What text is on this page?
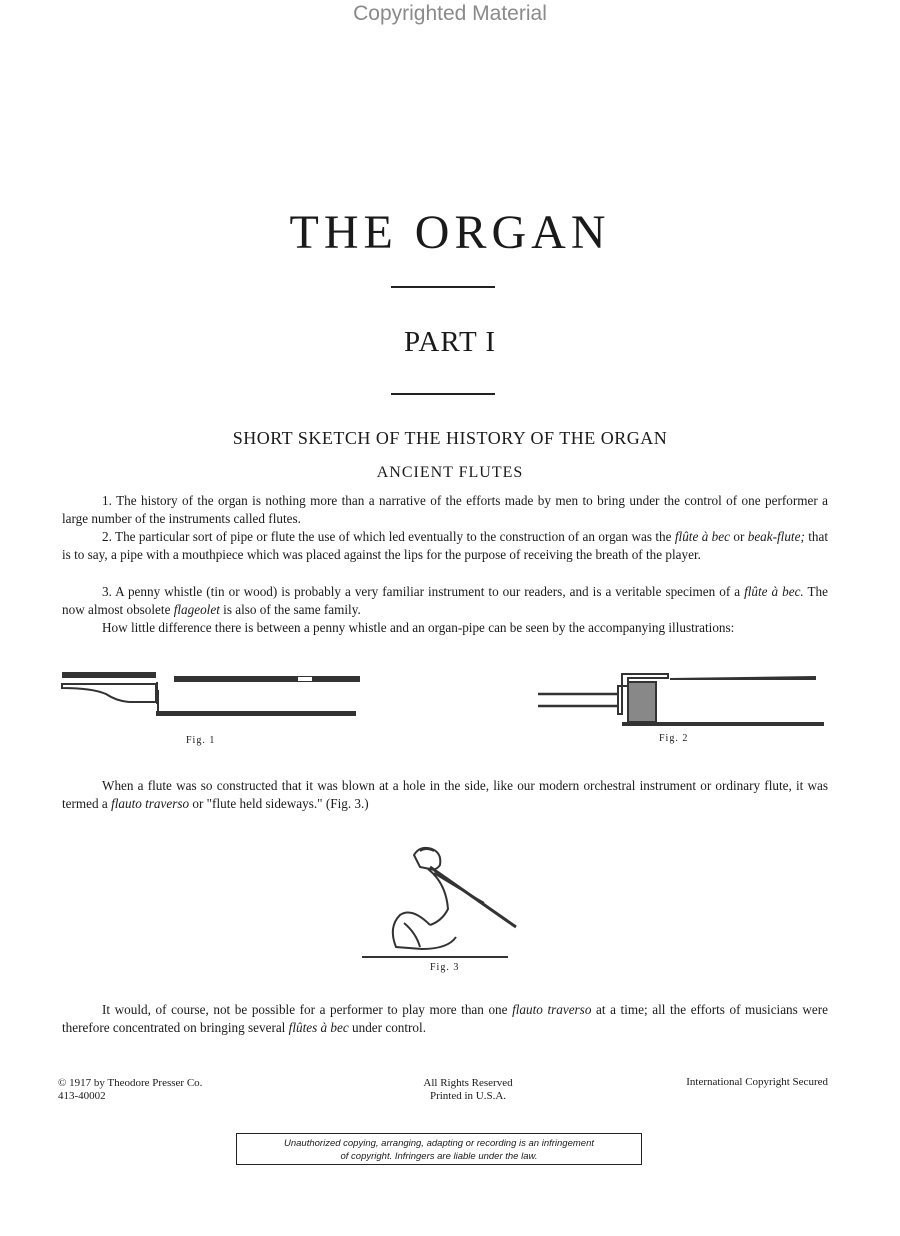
Copyrighted Material
THE ORGAN
PART I
SHORT SKETCH OF THE HISTORY OF THE ORGAN
ANCIENT FLUTES

1. The history of the organ is nothing more than a narrative of the efforts made by men to bring under the control of one performer a large number of the instruments called flutes.

2. The particular sort of pipe or flute the use of which led eventually to the construction of an organ was the flûte à bec or beak-flute; that is to say, a pipe with a mouthpiece which was placed against the lips for the purpose of receiving the breath of the player.

3. A penny whistle (tin or wood) is probably a very familiar instrument to our readers, and is a veritable specimen of a flûte à bec. The now almost obsolete flageolet is also of the same family.

How little difference there is between a penny whistle and an organ-pipe can be seen by the accompanying illustrations:

Fig. 1	Fig. 2

When a flute was so constructed that it was blown at a hole in the side, like our modern orchestral instrument or ordinary flute, it was termed a flauto traverso or "flute held sideways." (Fig. 3.)

Fig. 3

It would, of course, not be possible for a performer to play more than one flauto traverso at a time; all the efforts of musicians were therefore concentrated on bringing several flûtes à bec under control.

© 1917 by Theodore Presser Co.
413-40002
All Rights Reserved
Printed in U.S.A.
International Copyright Secured
Unauthorized copying, arranging, adapting or recording is an infringement
of copyright. Infringers are liable under the law.
